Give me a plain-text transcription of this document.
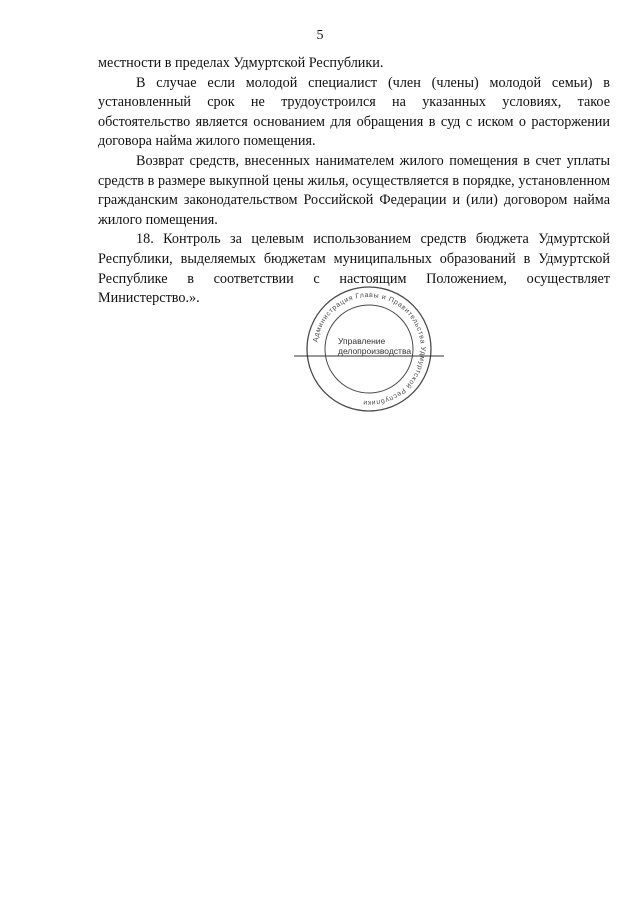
5

местности в пределах Удмуртской Республики.

В случае если молодой специалист (член (члены) молодой семьи) в установленный срок не трудоустроился на указанных условиях, такое обстоятельство является основанием для обращения в суд с иском о расторжении договора найма жилого помещения.

Возврат средств, внесенных нанимателем жилого помещения в счет уплаты средств в размере выкупной цены жилья, осуществляется в порядке, установленном гражданским законодательством Российской Федерации и (или) договором найма жилого помещения.

18. Контроль за целевым использованием средств бюджета Удмуртской Республики, выделяемых бюджетам муниципальных образований в Удмуртской Республике в соответствии с настоящим Положением, осуществляет Министерство.».

Администрация Главы и Правительства Удмуртской Республики
Управление
делопроизводства
